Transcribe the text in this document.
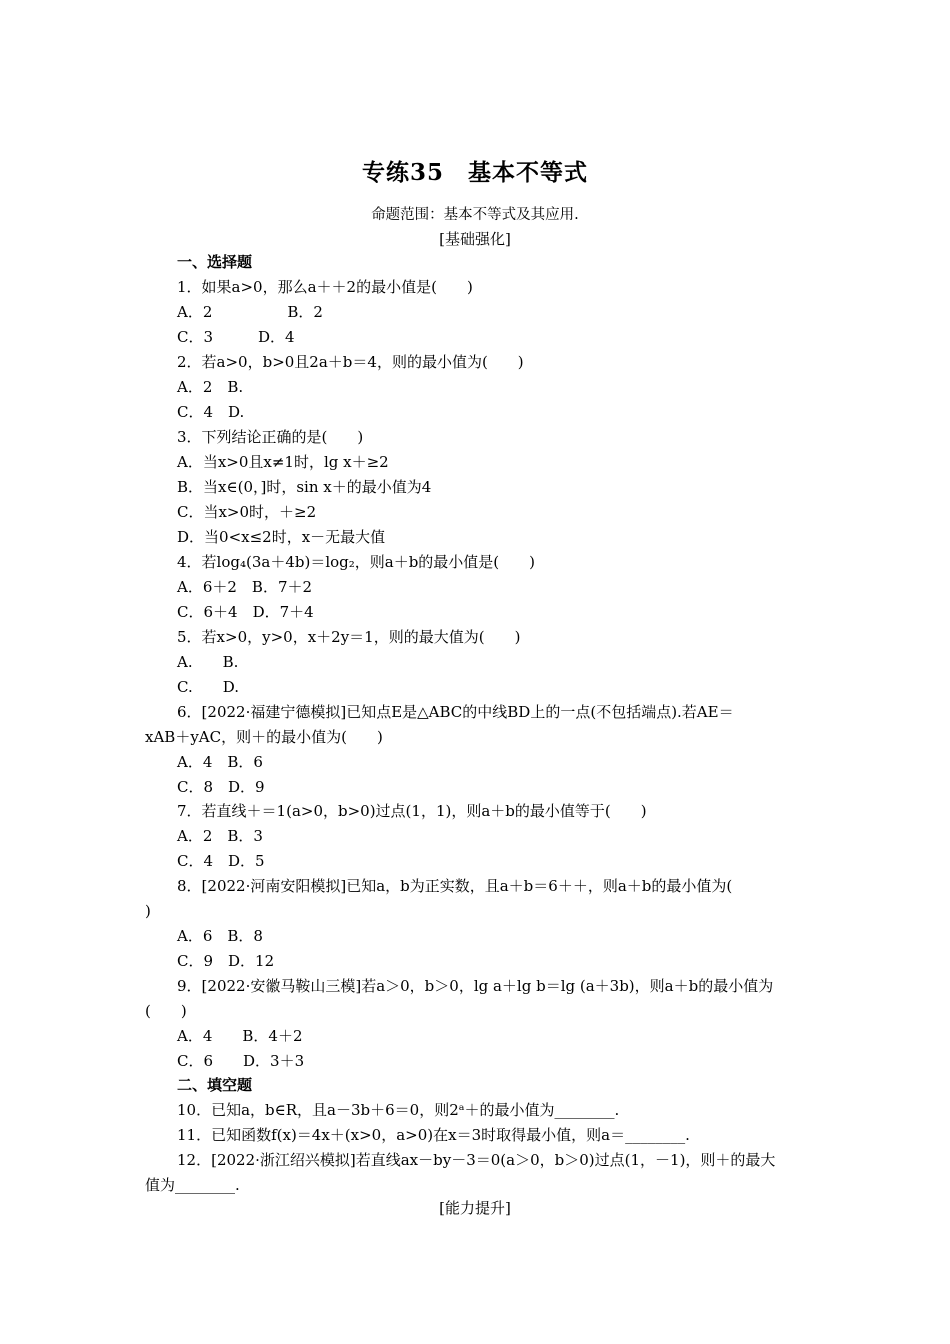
专练35　基本不等式
命题范围：基本不等式及其应用.
[基础强化]
一、选择题
1．如果a>0，那么a＋＋2的最小值是(　　)
A．2　　　　　B．2
C．3　　　D．4
2．若a>0，b>0且2a＋b＝4，则的最小值为(　　)
A．2　B.
C．4　D.
3．下列结论正确的是(　　)
A．当x>0且x≠1时，lg x＋≥2
B．当x∈(0，]时，sin x＋的最小值为4
C．当x>0时，＋≥2
D．当0<x≤2时，x－无最大值
4．若log₄(3a＋4b)＝log₂，则a＋b的最小值是(　　)
A．6＋2　B．7＋2
C．6＋4　D．7＋4
5．若x>0，y>0，x＋2y＝1，则的最大值为(　　)
A.　　B.
C.　　D.
6．[2022·福建宁德模拟]已知点E是△ABC的中线BD上的一点(不包括端点).若AE＝
xAB＋yAC，则＋的最小值为(　　)
A．4　B．6
C．8　D．9
7．若直线＋＝1(a>0，b>0)过点(1，1)，则a＋b的最小值等于(　　)
A．2　B．3
C．4　D．5
8．[2022·河南安阳模拟]已知a，b为正实数，且a＋b＝6＋＋，则a＋b的最小值为(
)
A．6　B．8
C．9　D．12
9．[2022·安徽马鞍山三模]若a＞0，b＞0，lg a＋lg b＝lg (a＋3b)，则a＋b的最小值为
(　　)
A．4　　B．4＋2
C．6　　D．3＋3
二、填空题
10．已知a，b∈R，且a－3b＋6＝0，则2ᵃ＋的最小值为________.
11．已知函数f(x)＝4x＋(x>0，a>0)在x＝3时取得最小值，则a＝________.
12．[2022·浙江绍兴模拟]若直线ax－by－3＝0(a＞0，b＞0)过点(1，－1)，则＋的最大
值为________.
[能力提升]
